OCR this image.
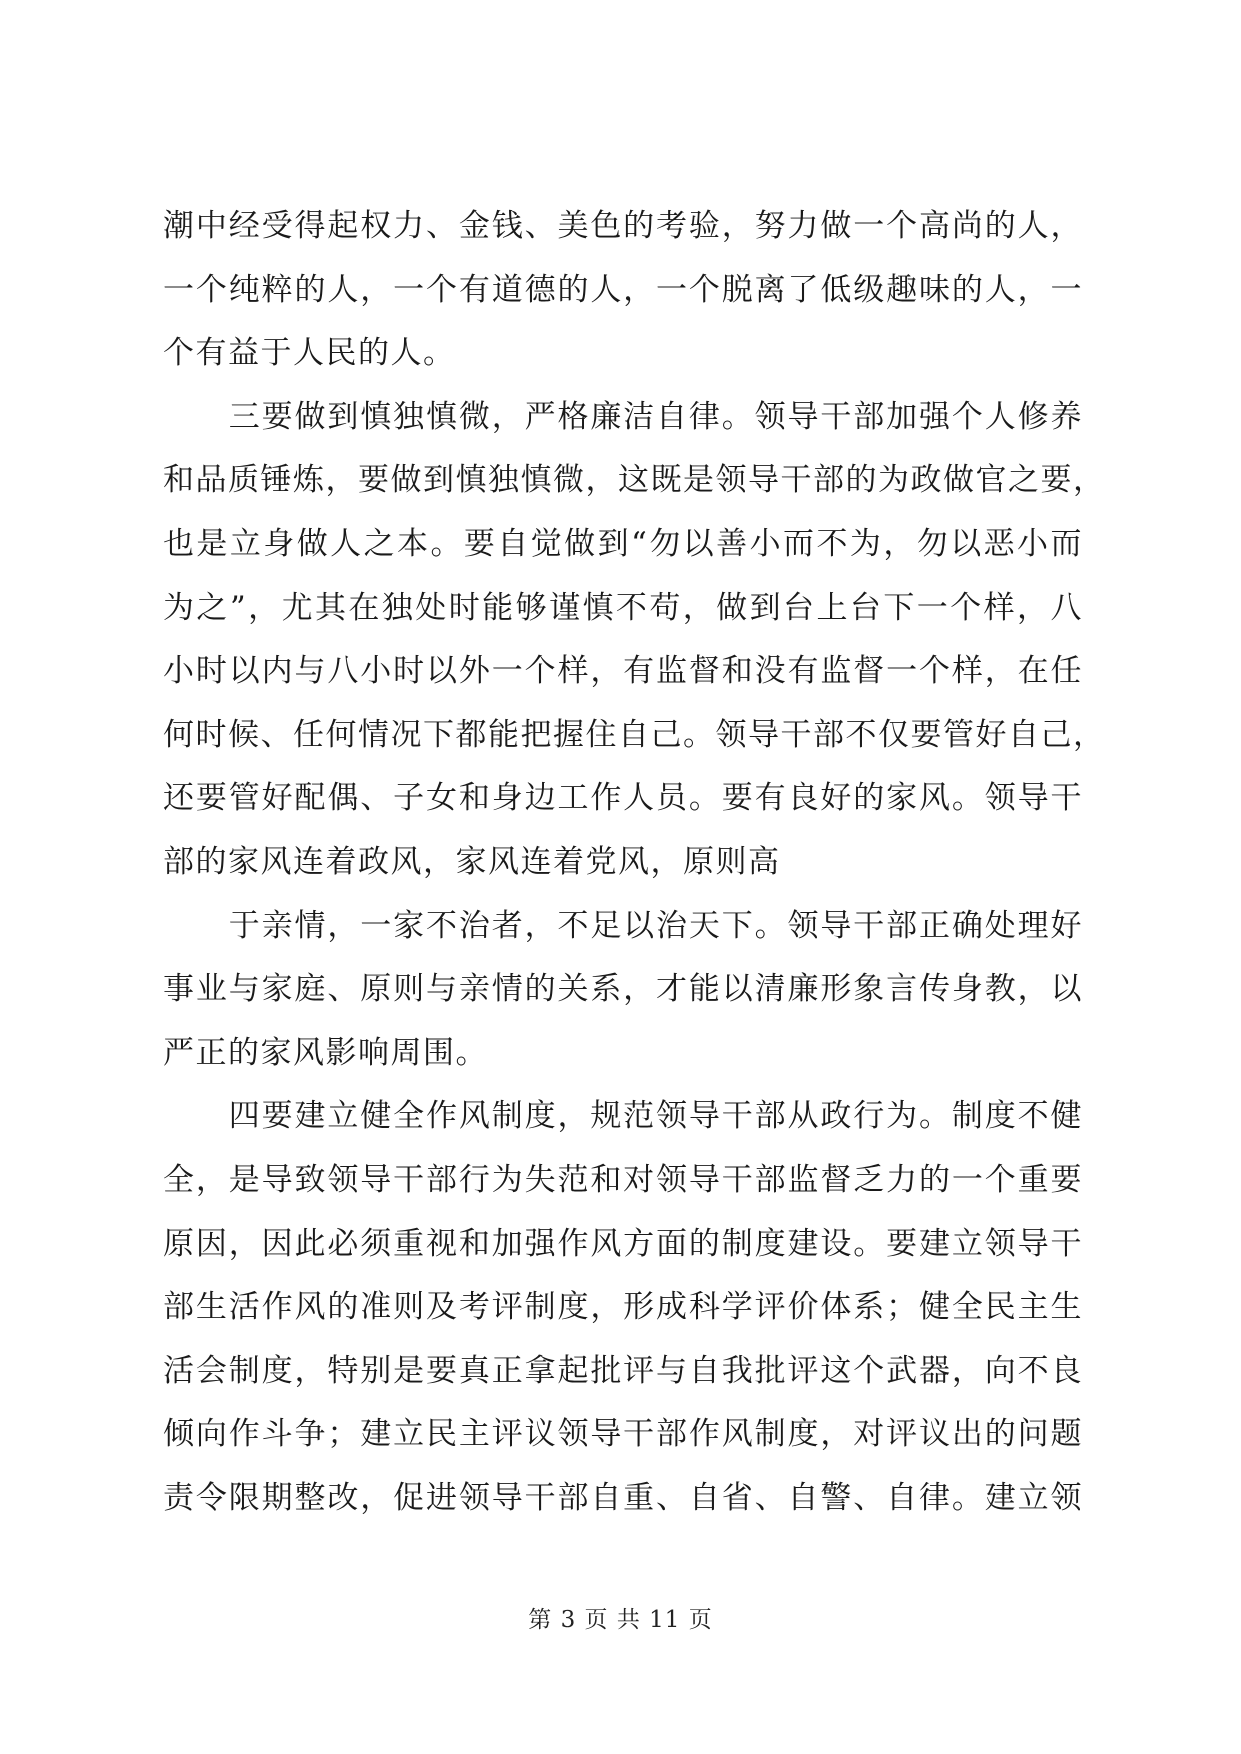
潮中经受得起权力、金钱、美色的考验，努力做一个高尚的人，
一个纯粹的人，一个有道德的人，一个脱离了低级趣味的人，一
个有益于人民的人。
　　三要做到慎独慎微，严格廉洁自律。领导干部加强个人修养
和品质锤炼，要做到慎独慎微，这既是领导干部的为政做官之要，
也是立身做人之本。要自觉做到“勿以善小而不为，勿以恶小而
为之”，尤其在独处时能够谨慎不苟，做到台上台下一个样，八
小时以内与八小时以外一个样，有监督和没有监督一个样，在任
何时候、任何情况下都能把握住自己。领导干部不仅要管好自己，
还要管好配偶、子女和身边工作人员。要有良好的家风。领导干
部的家风连着政风，家风连着党风，原则高
　　于亲情，一家不治者，不足以治天下。领导干部正确处理好
事业与家庭、原则与亲情的关系，才能以清廉形象言传身教，以
严正的家风影响周围。
　　四要建立健全作风制度，规范领导干部从政行为。制度不健
全，是导致领导干部行为失范和对领导干部监督乏力的一个重要
原因，因此必须重视和加强作风方面的制度建设。要建立领导干
部生活作风的准则及考评制度，形成科学评价体系；健全民主生
活会制度，特别是要真正拿起批评与自我批评这个武器，向不良
倾向作斗争；建立民主评议领导干部作风制度，对评议出的问题
责令限期整改，促进领导干部自重、自省、自警、自律。建立领
第 3 页 共 11 页
